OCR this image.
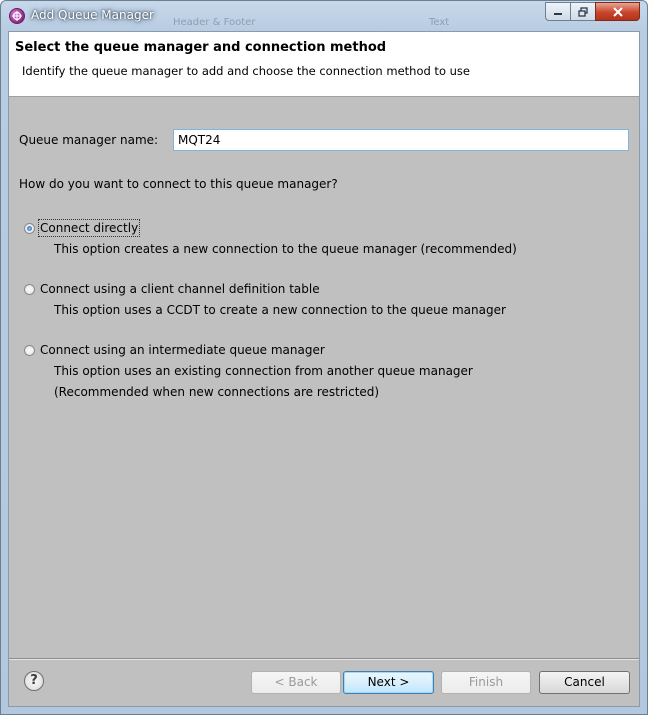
Add Queue Manager
Header & Footer	Text
Select the queue manager and connection method
Identify the queue manager to add and choose the connection method to use
Queue manager name:
MQT24
How do you want to connect to this queue manager?
Connect directly
This option creates a new connection to the queue manager (recommended)
Connect using a client channel definition table
This option uses a CCDT to create a new connection to the queue manager
Connect using an intermediate queue manager
This option uses an existing connection from another queue manager
(Recommended when new connections are restricted)
?	< Back	Next >	Finish	Cancel
